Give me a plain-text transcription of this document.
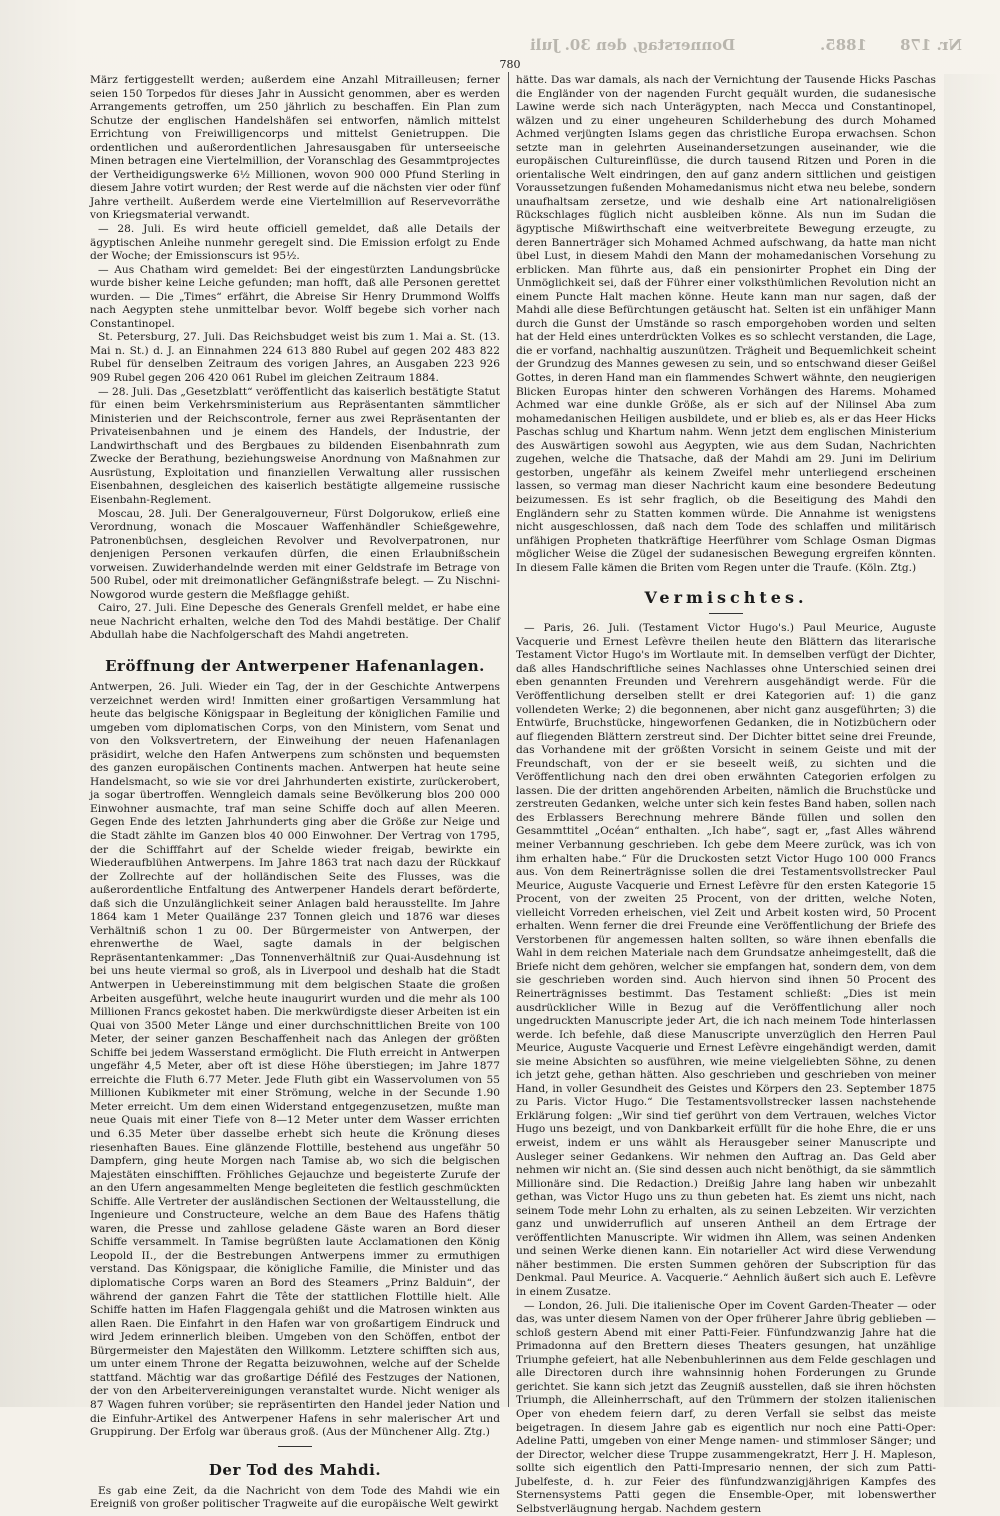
1885.
Donnerstag, den 30. Juli	Nr. 178
780

März fertiggestellt werden; außerdem eine Anzahl Mitrailleusen; ferner seien 150 Torpedos für dieses Jahr in Aussicht genommen, aber es werden Arrangements getroffen, um 250 jährlich zu beschaffen. Ein Plan zum Schutze der englischen Handelshäfen sei entworfen, nämlich mittelst Errichtung von Freiwilligencorps und mittelst Genietruppen. Die ordentlichen und außerordentlichen Jahresausgaben für unterseeische Minen betragen eine Viertelmillion, der Voranschlag des Gesammtprojectes der Vertheidigungswerke 6½ Millionen, wovon 900 000 Pfund Sterling in diesem Jahre votirt wurden; der Rest werde auf die nächsten vier oder fünf Jahre vertheilt. Außerdem werde eine Viertelmillion auf Reservevorräthe von Kriegsmaterial verwandt.

— 28. Juli. Es wird heute officiell gemeldet, daß alle Details der ägyptischen Anleihe nunmehr geregelt sind. Die Emission erfolgt zu Ende der Woche; der Emissionscurs ist 95½.

— Aus Chatham wird gemeldet: Bei der eingestürzten Landungsbrücke wurde bisher keine Leiche gefunden; man hofft, daß alle Personen gerettet wurden. — Die „Times“ erfährt, die Abreise Sir Henry Drummond Wolffs nach Aegypten stehe unmittelbar bevor. Wolff begebe sich vorher nach Constantinopel.

St. Petersburg, 27. Juli. Das Reichsbudget weist bis zum 1. Mai a. St. (13. Mai n. St.) d. J. an Einnahmen 224 613 880 Rubel auf gegen 202 483 822 Rubel für denselben Zeitraum des vorigen Jahres, an Ausgaben 223 926 909 Rubel gegen 206 420 061 Rubel im gleichen Zeitraum 1884.

— 28. Juli. Das „Gesetzblatt“ veröffentlicht das kaiserlich bestätigte Statut für einen beim Verkehrsministerium aus Repräsentanten sämmtlicher Ministerien und der Reichscontrole, ferner aus zwei Repräsentanten der Privateisenbahnen und je einem des Handels, der Industrie, der Landwirthschaft und des Bergbaues zu bildenden Eisenbahnrath zum Zwecke der Berathung, beziehungsweise Anordnung von Maßnahmen zur Ausrüstung, Exploitation und finanziellen Verwaltung aller russischen Eisenbahnen, desgleichen des kaiserlich bestätigte allgemeine russische Eisenbahn-Reglement.

Moscau, 28. Juli. Der Generalgouverneur, Fürst Dolgorukow, erließ eine Verordnung, wonach die Moscauer Waffenhändler Schießgewehre, Patronenbüchsen, desgleichen Revolver und Revolverpatronen, nur denjenigen Personen verkaufen dürfen, die einen Erlaubnißschein vorweisen. Zuwiderhandelnde werden mit einer Geldstrafe im Betrage von 500 Rubel, oder mit dreimonatlicher Gefängnißstrafe belegt. — Zu Nischni-Nowgorod wurde gestern die Meßflagge gehißt.

Cairo, 27. Juli. Eine Depesche des Generals Grenfell meldet, er habe eine neue Nachricht erhalten, welche den Tod des Mahdi bestätige. Der Chalif Abdullah habe die Nachfolgerschaft des Mahdi angetreten.

Eröffnung der Antwerpener Hafenanlagen.

Antwerpen, 26. Juli. Wieder ein Tag, der in der Geschichte Antwerpens verzeichnet werden wird! Inmitten einer großartigen Versammlung hat heute das belgische Königspaar in Begleitung der königlichen Familie und umgeben vom diplomatischen Corps, von den Ministern, vom Senat und von den Volksvertretern, der Einweihung der neuen Hafenanlagen präsidirt, welche den Hafen Antwerpens zum schönsten und bequemsten des ganzen europäischen Continents machen. Antwerpen hat heute seine Handelsmacht, so wie sie vor drei Jahrhunderten existirte, zurückerobert, ja sogar übertroffen. Wenngleich damals seine Bevölkerung blos 200 000 Einwohner ausmachte, traf man seine Schiffe doch auf allen Meeren. Gegen Ende des letzten Jahrhunderts ging aber die Größe zur Neige und die Stadt zählte im Ganzen blos 40 000 Einwohner. Der Vertrag von 1795, der die Schifffahrt auf der Schelde wieder freigab, bewirkte ein Wiederaufblühen Antwerpens. Im Jahre 1863 trat nach dazu der Rückkauf der Zollrechte auf der holländischen Seite des Flusses, was die außerordentliche Entfaltung des Antwerpener Handels derart beförderte, daß sich die Unzulänglichkeit seiner Anlagen bald herausstellte. Im Jahre 1864 kam 1 Meter Quailänge 237 Tonnen gleich und 1876 war dieses Verhältniß schon 1 zu 00. Der Bürgermeister von Antwerpen, der ehrenwerthe de Wael, sagte damals in der belgischen Repräsentantenkammer: „Das Tonnenverhältniß zur Quai-Ausdehnung ist bei uns heute viermal so groß, als in Liverpool und deshalb hat die Stadt Antwerpen in Uebereinstimmung mit dem belgischen Staate die großen Arbeiten ausgeführt, welche heute inaugurirt wurden und die mehr als 100 Millionen Francs gekostet haben. Die merkwürdigste dieser Arbeiten ist ein Quai von 3500 Meter Länge und einer durchschnittlichen Breite von 100 Meter, der seiner ganzen Beschaffenheit nach das Anlegen der größten Schiffe bei jedem Wasserstand ermöglicht. Die Fluth erreicht in Antwerpen ungefähr 4,5 Meter, aber oft ist diese Höhe überstiegen; im Jahre 1877 erreichte die Fluth 6.77 Meter. Jede Fluth gibt ein Wasservolumen von 55 Millionen Kubikmeter mit einer Strömung, welche in der Secunde 1.90 Meter erreicht. Um dem einen Widerstand entgegenzusetzen, mußte man neue Quais mit einer Tiefe von 8—12 Meter unter dem Wasser errichten und 6.35 Meter über dasselbe erhebt sich heute die Krönung dieses riesenhaften Baues. Eine glänzende Flottille, bestehend aus ungefähr 50 Dampfern, ging heute Morgen nach Tamise ab, wo sich die belgischen Majestäten einschifften. Fröhliches Gejauchze und begeisterte Zurufe der an den Ufern angesammelten Menge begleiteten die festlich geschmückten Schiffe. Alle Vertreter der ausländischen Sectionen der Weltausstellung, die Ingenieure und Constructeure, welche an dem Baue des Hafens thätig waren, die Presse und zahllose geladene Gäste waren an Bord dieser Schiffe versammelt. In Tamise begrüßten laute Acclamationen den König Leopold II., der die Bestrebungen Antwerpens immer zu ermuthigen verstand. Das Königspaar, die königliche Familie, die Minister und das diplomatische Corps waren an Bord des Steamers „Prinz Balduin“, der während der ganzen Fahrt die Tête der stattlichen Flottille hielt. Alle Schiffe hatten im Hafen Flaggengala gehißt und die Matrosen winkten aus allen Raen. Die Einfahrt in den Hafen war von großartigem Eindruck und wird Jedem erinnerlich bleiben. Umgeben von den Schöffen, entbot der Bürgermeister den Majestäten den Willkomm. Letztere schifften sich aus, um unter einem Throne der Regatta beizuwohnen, welche auf der Schelde stattfand. Mächtig war das großartige Défilé des Festzuges der Nationen, der von den Arbeitervereinigungen veranstaltet wurde. Nicht weniger als 87 Wagen fuhren vorüber; sie repräsentirten den Handel jeder Nation und die Einfuhr-Artikel des Antwerpener Hafens in sehr malerischer Art und Gruppirung. Der Erfolg war überaus groß. (Aus der Münchener Allg. Ztg.)

Der Tod des Mahdi.

Es gab eine Zeit, da die Nachricht von dem Tode des Mahdi wie ein Ereigniß von großer politischer Tragweite auf die europäische Welt gewirkt

hätte. Das war damals, als nach der Vernichtung der Tausende Hicks Paschas die Engländer von der nagenden Furcht gequält wurden, die sudanesische Lawine werde sich nach Unterägypten, nach Mecca und Constantinopel, wälzen und zu einer ungeheuren Schilderhebung des durch Mohamed Achmed verjüngten Islams gegen das christliche Europa erwachsen. Schon setzte man in gelehrten Auseinandersetzungen auseinander, wie die europäischen Cultureinflüsse, die durch tausend Ritzen und Poren in die orientalische Welt eindringen, den auf ganz andern sittlichen und geistigen Voraussetzungen fußenden Mohamedanismus nicht etwa neu belebe, sondern unaufhaltsam zersetze, und wie deshalb eine Art nationalreligiösen Rückschlages füglich nicht ausbleiben könne. Als nun im Sudan die ägyptische Mißwirthschaft eine weitverbreitete Bewegung erzeugte, zu deren Bannerträger sich Mohamed Achmed aufschwang, da hatte man nicht übel Lust, in diesem Mahdi den Mann der mohamedanischen Vorsehung zu erblicken. Man führte aus, daß ein pensionirter Prophet ein Ding der Unmöglichkeit sei, daß der Führer einer volksthümlichen Revolution nicht an einem Puncte Halt machen könne. Heute kann man nur sagen, daß der Mahdi alle diese Befürchtungen getäuscht hat. Selten ist ein unfähiger Mann durch die Gunst der Umstände so rasch emporgehoben worden und selten hat der Held eines unterdrückten Volkes es so schlecht verstanden, die Lage, die er vorfand, nachhaltig auszunützen. Trägheit und Bequemlichkeit scheint der Grundzug des Mannes gewesen zu sein, und so entschwand dieser Geißel Gottes, in deren Hand man ein flammendes Schwert wähnte, den neugierigen Blicken Europas hinter den schweren Vorhängen des Harems. Mohamed Achmed war eine dunkle Größe, als er sich auf der Nilinsel Aba zum mohamedanischen Heiligen ausbildete, und er blieb es, als er das Heer Hicks Paschas schlug und Khartum nahm. Wenn jetzt dem englischen Ministerium des Auswärtigen sowohl aus Aegypten, wie aus dem Sudan, Nachrichten zugehen, welche die Thatsache, daß der Mahdi am 29. Juni im Delirium gestorben, ungefähr als keinem Zweifel mehr unterliegend erscheinen lassen, so vermag man dieser Nachricht kaum eine besondere Bedeutung beizumessen. Es ist sehr fraglich, ob die Beseitigung des Mahdi den Engländern sehr zu Statten kommen würde. Die Annahme ist wenigstens nicht ausgeschlossen, daß nach dem Tode des schlaffen und militärisch unfähigen Propheten thatkräftige Heerführer vom Schlage Osman Digmas möglicher Weise die Zügel der sudanesischen Bewegung ergreifen könnten. In diesem Falle kämen die Briten vom Regen unter die Traufe. (Köln. Ztg.)

Vermischtes.

— Paris, 26. Juli. (Testament Victor Hugo's.) Paul Meurice, Auguste Vacquerie und Ernest Lefèvre theilen heute den Blättern das literarische Testament Victor Hugo's im Wortlaute mit. In demselben verfügt der Dichter, daß alles Handschriftliche seines Nachlasses ohne Unterschied seinen drei eben genannten Freunden und Verehrern ausgehändigt werde. Für die Veröffentlichung derselben stellt er drei Kategorien auf: 1) die ganz vollendeten Werke; 2) die begonnenen, aber nicht ganz ausgeführten; 3) die Entwürfe, Bruchstücke, hingeworfenen Gedanken, die in Notizbüchern oder auf fliegenden Blättern zerstreut sind. Der Dichter bittet seine drei Freunde, das Vorhandene mit der größten Vorsicht in seinem Geiste und mit der Freundschaft, von der er sie beseelt weiß, zu sichten und die Veröffentlichung nach den drei oben erwähnten Categorien erfolgen zu lassen. Die der dritten angehörenden Arbeiten, nämlich die Bruchstücke und zerstreuten Gedanken, welche unter sich kein festes Band haben, sollen nach des Erblassers Berechnung mehrere Bände füllen und sollen den Gesammttitel „Océan“ enthalten. „Ich habe“, sagt er, „fast Alles während meiner Verbannung geschrieben. Ich gebe dem Meere zurück, was ich von ihm erhalten habe.“ Für die Druckosten setzt Victor Hugo 100 000 Francs aus. Von dem Reinerträgnisse sollen die drei Testamentsvollstrecker Paul Meurice, Auguste Vacquerie und Ernest Lefèvre für den ersten Kategorie 15 Procent, von der zweiten 25 Procent, von der dritten, welche Noten, vielleicht Vorreden erheischen, viel Zeit und Arbeit kosten wird, 50 Procent erhalten. Wenn ferner die drei Freunde eine Veröffentlichung der Briefe des Verstorbenen für angemessen halten sollten, so wäre ihnen ebenfalls die Wahl in dem reichen Materiale nach dem Grundsatze anheimgestellt, daß die Briefe nicht dem gehören, welcher sie empfangen hat, sondern dem, von dem sie geschrieben worden sind. Auch hiervon sind ihnen 50 Procent des Reinerträgnisses bestimmt. Das Testament schließt: „Dies ist mein ausdrücklicher Wille in Bezug auf die Veröffentlichung aller noch ungedruckten Manuscripte jeder Art, die ich nach meinem Tode hinterlassen werde. Ich befehle, daß diese Manuscripte unverzüglich den Herren Paul Meurice, Auguste Vacquerie und Ernest Lefèvre eingehändigt werden, damit sie meine Absichten so ausführen, wie meine vielgeliebten Söhne, zu denen ich jetzt gehe, gethan hätten. Also geschrieben und geschrieben von meiner Hand, in voller Gesundheit des Geistes und Körpers den 23. September 1875 zu Paris. Victor Hugo.“ Die Testamentsvollstrecker lassen nachstehende Erklärung folgen: „Wir sind tief gerührt von dem Vertrauen, welches Victor Hugo uns bezeigt, und von Dankbarkeit erfüllt für die hohe Ehre, die er uns erweist, indem er uns wählt als Herausgeber seiner Manuscripte und Ausleger seiner Gedankens. Wir nehmen den Auftrag an. Das Geld aber nehmen wir nicht an. (Sie sind dessen auch nicht benöthigt, da sie sämmtlich Millionäre sind. Die Redaction.) Dreißig Jahre lang haben wir unbezahlt gethan, was Victor Hugo uns zu thun gebeten hat. Es ziemt uns nicht, nach seinem Tode mehr Lohn zu erhalten, als zu seinen Lebzeiten. Wir verzichten ganz und unwiderruflich auf unseren Antheil an dem Ertrage der veröffentlichten Manuscripte. Wir widmen ihn Allem, was seinen Andenken und seinen Werke dienen kann. Ein notarieller Act wird diese Verwendung näher bestimmen. Die ersten Summen gehören der Subscription für das Denkmal. Paul Meurice. A. Vacquerie.“ Aehnlich äußert sich auch E. Lefèvre in einem Zusatze.

— London, 26. Juli. Die italienische Oper im Covent Garden-Theater — oder das, was unter diesem Namen von der Oper früherer Jahre übrig geblieben — schloß gestern Abend mit einer Patti-Feier. Fünfundzwanzig Jahre hat die Primadonna auf den Brettern dieses Theaters gesungen, hat unzählige Triumphe gefeiert, hat alle Nebenbuhlerinnen aus dem Felde geschlagen und alle Directoren durch ihre wahnsinnig hohen Forderungen zu Grunde gerichtet. Sie kann sich jetzt das Zeugniß ausstellen, daß sie ihren höchsten Triumph, die Alleinherrschaft, auf den Trümmern der stolzen italienischen Oper von ehedem feiern darf, zu deren Verfall sie selbst das meiste beigetragen. In diesem Jahre gab es eigentlich nur noch eine Patti-Oper: Adeline Patti, umgeben von einer Menge namen- und stimmloser Sänger; und der Director, welcher diese Truppe zusammengekratzt, Herr J. H. Mapleson, sollte sich eigentlich den Patti-Impresario nennen, der sich zum Patti-Jubelfeste, d. h. zur Feier des fünfundzwanzigjährigen Kampfes des Sternensystems Patti gegen die Ensemble-Oper, mit lobenswerther Selbstverläugnung hergab. Nachdem gestern
